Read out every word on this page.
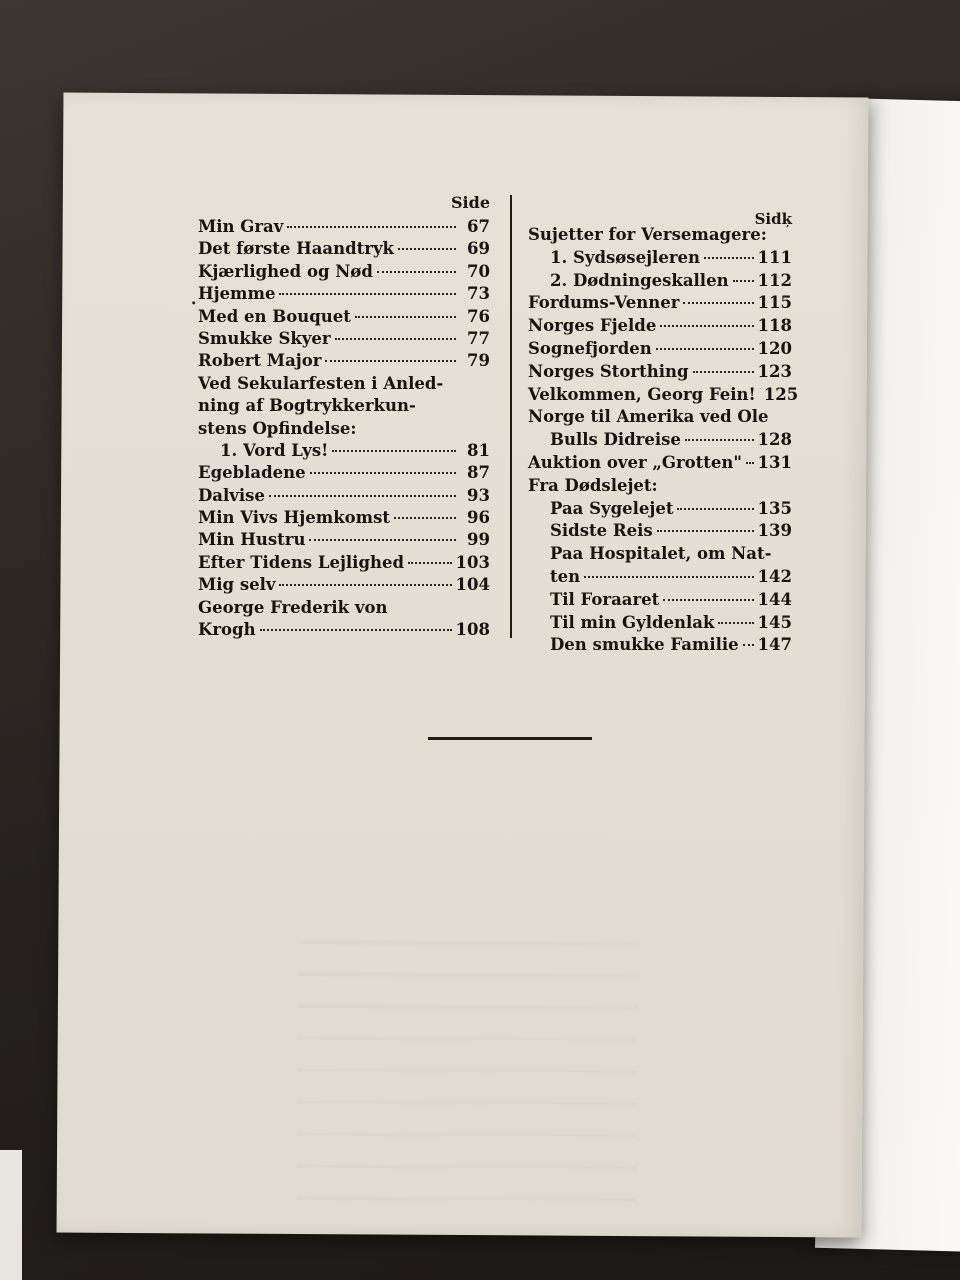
Side
Min Grav	67
Det første Haandtryk	69
Kjærlighed og Nød	70
Hjemme	73
Med en Bouquet	76
Smukke Skyer	77
Robert Major	79
Ved Sekularfesten i Anled-
ning af Bogtrykkerkun-
stens Opfindelse:
1. Vord Lys!	81
Egebladene	87
Dalvise	93
Min Vivs Hjemkomst	96
Min Hustru	99
Efter Tidens Lejlighed	103
Mig selv	104
George Frederik von
Krogh	108
Sidķ
Sujetter for Versemagere:
1. Sydsøsejleren	111
2. Dødningeskallen 112
Fordums-Venner	115
Norges Fjelde	118
Sognefjorden	120
Norges Storthing	123
Velkommen, Georg Fein! 125
Norge til Amerika ved Ole
Bulls Didreise	128
Auktion over „Grotten" 131
Fra Dødslejet:
Paa Sygelejet	135
Sidste Reis	139
Paa Hospitalet, om Nat-
ten	142
Til Foraaret	144
Til min Gyldenlak	145
Den smukke Familie 147
